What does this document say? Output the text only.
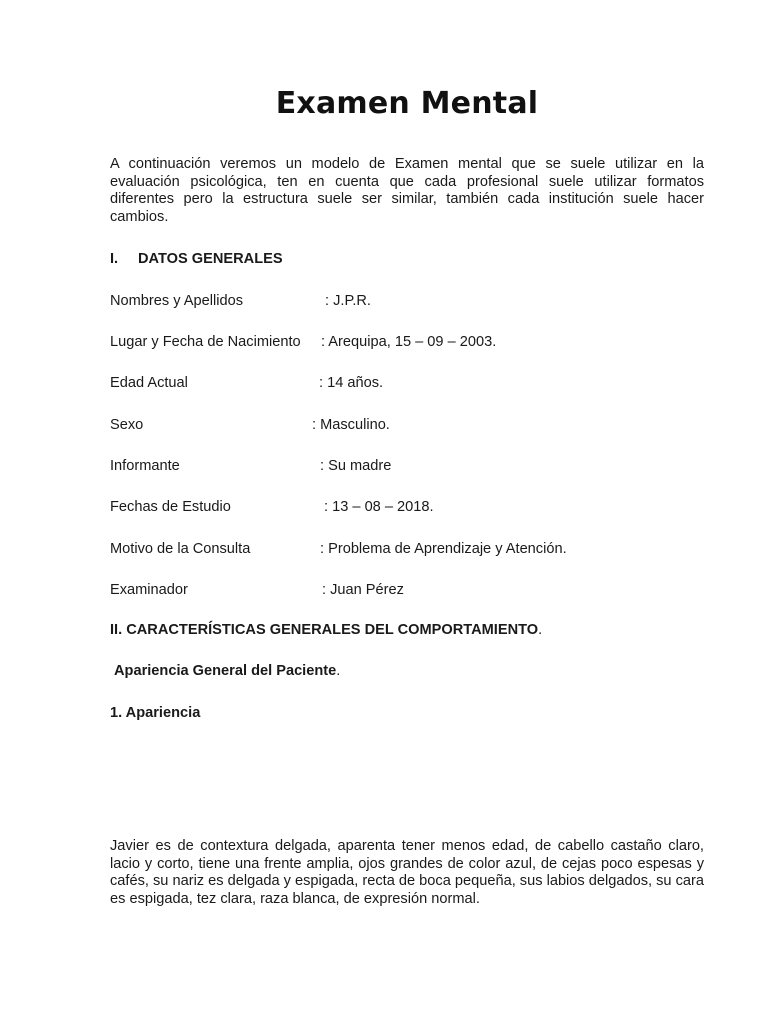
Examen Mental

A continuación veremos un modelo de Examen mental que se suele utilizar en la evaluación psicológica, ten en cuenta que cada profesional suele utilizar formatos diferentes pero la estructura suele ser similar, también cada institución suele hacer cambios.

I. DATOS GENERALES
Nombres y Apellidos	: J.P.R.
Lugar y Fecha de Nacimiento : Arequipa, 15 – 09 – 2003.
Edad Actual	: 14 años.
Sexo	: Masculino.
Informante	: Su madre
Fechas de Estudio	: 13 – 08 – 2018.
Motivo de la Consulta	: Problema de Aprendizaje y Atención.
Examinador	: Juan Pérez
II. CARACTERÍSTICAS GENERALES DEL COMPORTAMIENTO.
Apariencia General del Paciente.
1. Apariencia

Javier es de contextura delgada, aparenta tener menos edad, de cabello castaño claro, lacio y corto, tiene una frente amplia, ojos grandes de color azul, de cejas poco espesas y cafés, su nariz es delgada y espigada, recta de boca pequeña, sus labios delgados, su cara es espigada, tez clara, raza blanca, de expresión normal.
